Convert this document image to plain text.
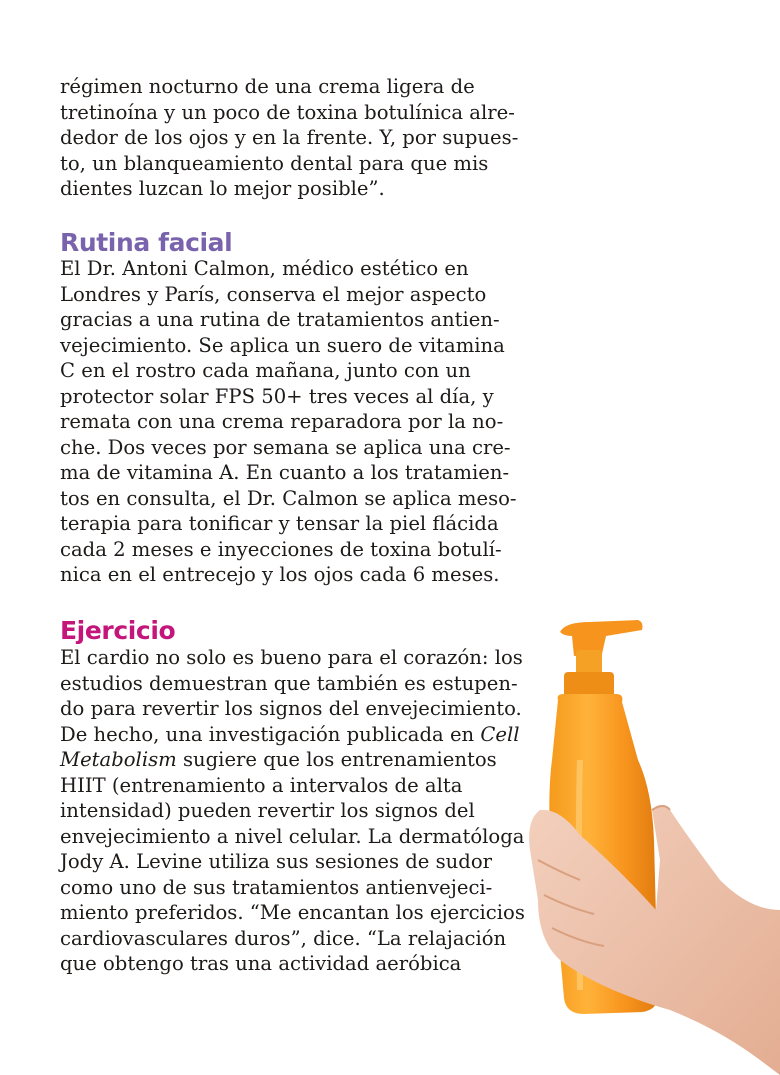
régimen nocturno de una crema ligera de
tretinoína y un poco de toxina botulínica alre-
dedor de los ojos y en la frente. Y, por supues-
to, un blanqueamiento dental para que mis
dientes luzcan lo mejor posible”.
Rutina facial
El Dr. Antoni Calmon, médico estético en
Londres y París, conserva el mejor aspecto
gracias a una rutina de tratamientos antien-
vejecimiento. Se aplica un suero de vitamina
C en el rostro cada mañana, junto con un
protector solar FPS 50+ tres veces al día, y
remata con una crema reparadora por la no-
che. Dos veces por semana se aplica una cre-
ma de vitamina A. En cuanto a los tratamien-
tos en consulta, el Dr. Calmon se aplica meso-
terapia para tonificar y tensar la piel flácida
cada 2 meses e inyecciones de toxina botulí-
nica en el entrecejo y los ojos cada 6 meses.
Ejercicio
El cardio no solo es bueno para el corazón: los
estudios demuestran que también es estupen-
do para revertir los signos del envejecimiento.
De hecho, una investigación publicada en Cell
Metabolism sugiere que los entrenamientos
HIIT (entrenamiento a intervalos de alta
intensidad) pueden revertir los signos del
envejecimiento a nivel celular. La dermatóloga
Jody A. Levine utiliza sus sesiones de sudor
como uno de sus tratamientos antienvejeci-
miento preferidos. “Me encantan los ejercicios
cardiovasculares duros”, dice. “La relajación
que obtengo tras una actividad aeróbica
